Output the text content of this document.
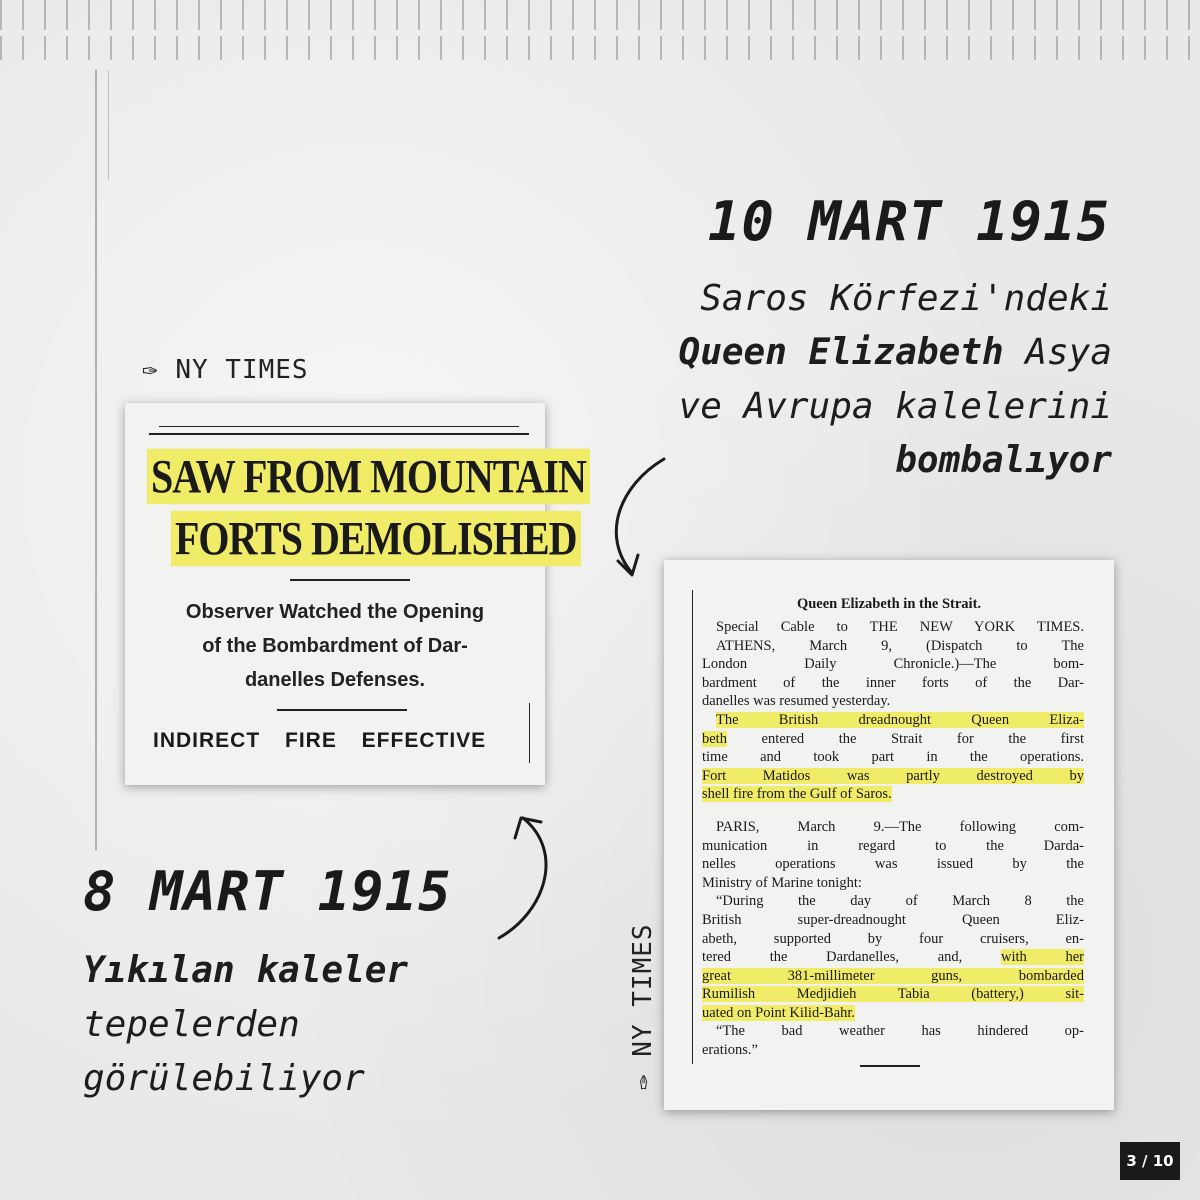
10 MART 1915
Saros Körfezi'ndeki
Queen Elizabeth Asya
ve Avrupa kalelerini
bombalıyor
✑ NY TIMES
SAW FROM MOUNTAIN
FORTS DEMOLISHED
Observer Watched the Opening
of the Bombardment of Dar-
danelles Defenses.
INDIRECT FIRE EFFECTIVE
8 MART 1915
Yıkılan kaleler
tepelerden
görülebiliyor	✑ NY TIMES
Queen Elizabeth in the Strait.

Special Cable to THE NEW YORK TIMES.

ATHENS, March 9, (Dispatch to The

London Daily Chronicle.)—The bom-

bardment of the inner forts of the Dar-

danelles was resumed yesterday.

The British dreadnought Queen Eliza-

beth entered the Strait for the first

time and took part in the operations.

Fort Matidos was partly destroyed by

shell fire from the Gulf of Saros.

PARIS, March 9.—The following com-

munication in regard to the Darda-

nelles operations was issued by the

Ministry of Marine tonight:

“During the day of March 8 the

British super-dreadnought Queen Eliz-

abeth, supported by four cruisers, en-

tered the Dardanelles, and, with her

great 381-millimeter guns, bombarded

Rumilish Medjidieh Tabia (battery,) sit-

uated on Point Kilid-Bahr.

“The bad weather has hindered op-

erations.”

3 / 10
